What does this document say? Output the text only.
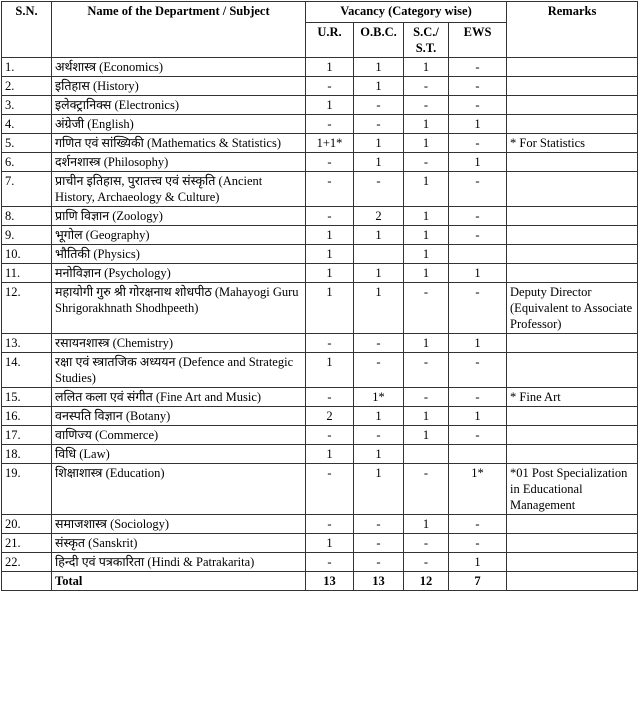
S.N.	Name of the Department / Subject	Vacancy (Category wise)				Remarks
		U.R.	O.B.C.	S.C./ S.T.	EWS	
1.	अर्थशास्त्र (Economics)	1	1	1	-	
2.	इतिहास (History)	-	1	-	-	
3.	इलेक्ट्रानिक्स (Electronics)	1	-	-	-	
4.	अंग्रेजी (English)	-	-	1	1	
5.	गणित एवं सांख्यिकी (Mathematics & Statistics)	1+1*	1	1	-	* For Statistics
6.	दर्शनशास्त्र (Philosophy)	-	1	-	1	
7.	प्राचीन इतिहास, पुरातत्त्व एवं संस्कृति (Ancient History, Archaeology & Culture)	-	-	1	-	
8.	प्राणि विज्ञान (Zoology)	-	2	1	-	
9.	भूगोल (Geography)	1	1	1	-	
10.	भौतिकी (Physics)	1		1		
11.	मनोविज्ञान (Psychology)	1	1	1	1	
12.	महायोगी गुरु श्री गोरक्षनाथ शोधपीठ (Mahayogi Guru Shrigorakhnath Shodhpeeth)	1	1	-	-	Deputy Director (Equivalent to Associate Professor)
13.	रसायनशास्त्र (Chemistry)	-	-	1	1	
14.	रक्षा एवं स्त्रातजिक अध्ययन (Defence and Strategic Studies)	1	-	-	-	
15.	ललित कला एवं संगीत (Fine Art and Music)	-	1*	-	-	* Fine Art
16.	वनस्पति विज्ञान (Botany)	2	1	1	1	
17.	वाणिज्य (Commerce)	-	-	1	-	
18.	विधि (Law)	1	1			
19.	शिक्षाशास्त्र (Education)	-	1	-	1*	*01 Post Specialization in Educational Management
20.	समाजशास्त्र (Sociology)	-	-	1	-	
21.	संस्कृत (Sanskrit)	1	-	-	-	
22.	हिन्दी एवं पत्रकारिता (Hindi & Patrakarita)	-	-	-	1	
	Total	13	13	12	7	
